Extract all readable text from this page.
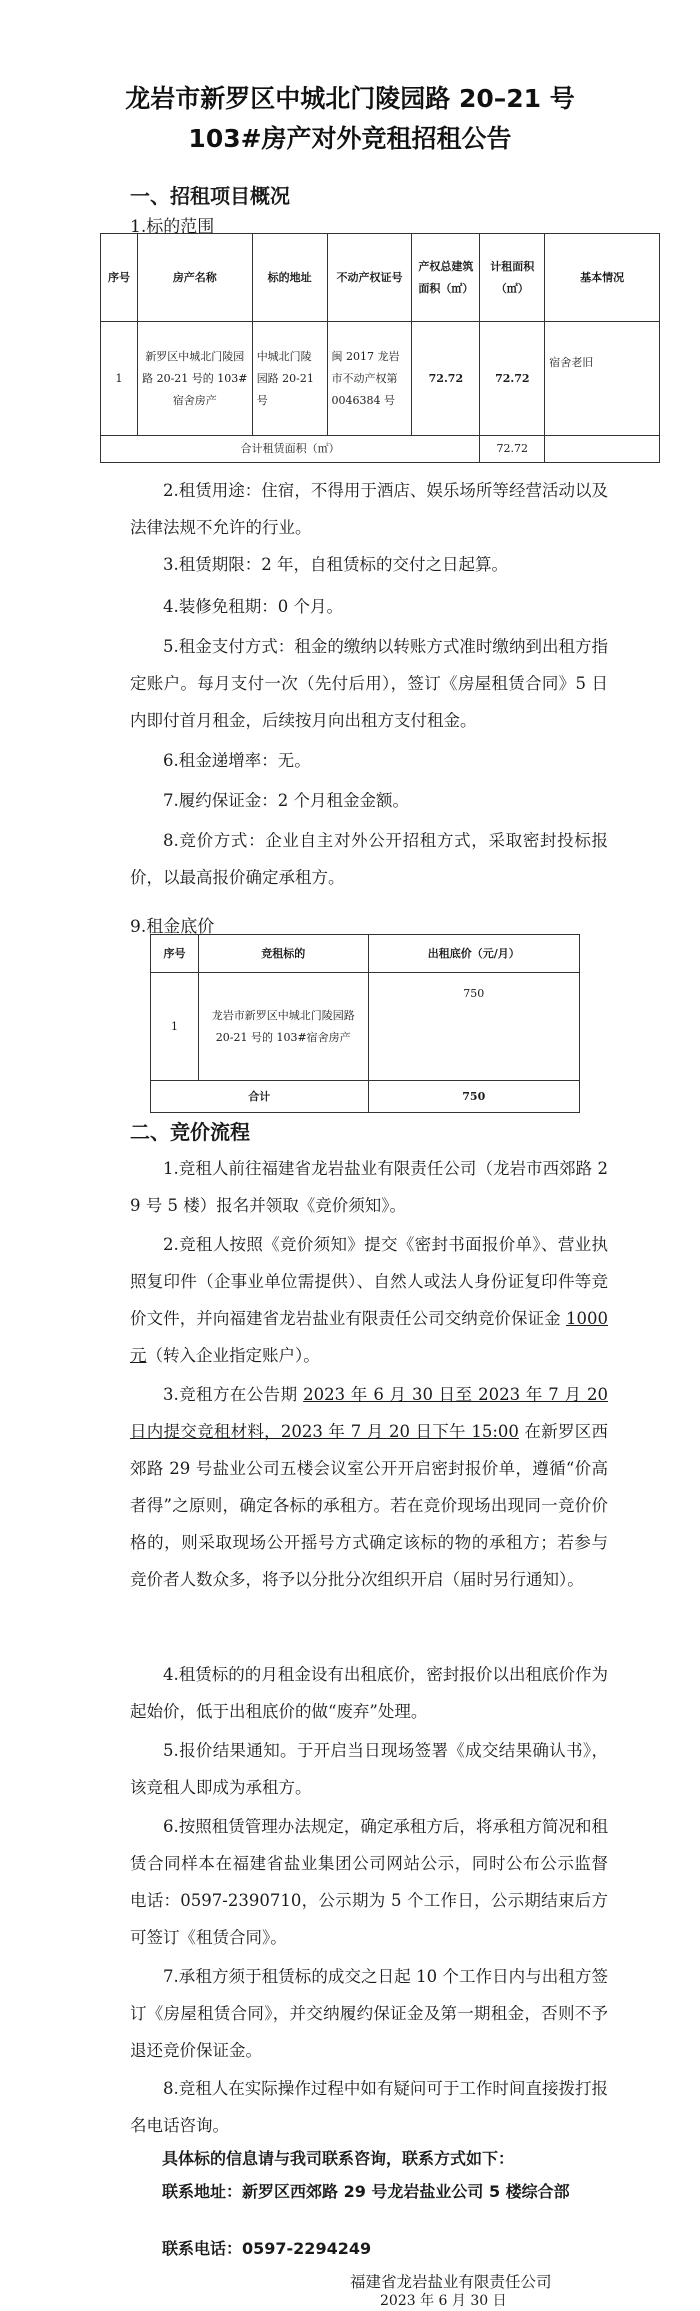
龙岩市新罗区中城北门陵园路 20–21 号
103#房产对外竞租招租公告
一、招租项目概况
1.标的范围
序号	房产名称	标的地址	不动产权证号	产权总建筑面积（㎡）	计租面积（㎡）	基本情况
1	新罗区中城北门陵园路 20-21 号的 103#宿舍房产	中城北门陵园路 20-21 号	闽 2017 龙岩市不动产权第 0046384 号	72.72	72.72	宿舍老旧
合计租赁面积（㎡）					72.72	

2.租赁用途：住宿，不得用于酒店、娱乐场所等经营活动以及法律法规不允许的行业。

3.租赁期限：2 年，自租赁标的交付之日起算。

4.装修免租期：0 个月。

5.租金支付方式：租金的缴纳以转账方式准时缴纳到出租方指定账户。每月支付一次（先付后用），签订《房屋租赁合同》5 日内即付首月租金，后续按月向出租方支付租金。

6.租金递增率：无。

7.履约保证金：2 个月租金金额。

8.竞价方式：企业自主对外公开招租方式，采取密封投标报价，以最高报价确定承租方。

9.租金底价
序号	竞租标的	出租底价（元/月）
1	龙岩市新罗区中城北门陵园路 20-21 号的 103#宿舍房产	750
合计		750
二、竞价流程

1.竞租人前往福建省龙岩盐业有限责任公司（龙岩市西郊路 29 号 5 楼）报名并领取《竞价须知》。

2.竞租人按照《竞价须知》提交《密封书面报价单》、营业执照复印件（企事业单位需提供）、自然人或法人身份证复印件等竞价文件，并向福建省龙岩盐业有限责任公司交纳竞价保证金 1000 元（转入企业指定账户）。

3.竞租方在公告期 2023 年 6 月 30 日至 2023 年 7 月 20 日内提交竞租材料，2023 年 7 月 20 日下午 15:00 在新罗区西郊路 29 号盐业公司五楼会议室公开开启密封报价单，遵循“价高者得”之原则，确定各标的承租方。若在竞价现场出现同一竞价价格的，则采取现场公开摇号方式确定该标的物的承租方；若参与竞价者人数众多，将予以分批分次组织开启（届时另行通知）。

4.租赁标的的月租金设有出租底价，密封报价以出租底价作为起始价，低于出租底价的做“废弃”处理。

5.报价结果通知。于开启当日现场签署《成交结果确认书》，该竞租人即成为承租方。

6.按照租赁管理办法规定，确定承租方后，将承租方简况和租赁合同样本在福建省盐业集团公司网站公示，同时公布公示监督电话：0597-2390710，公示期为 5 个工作日，公示期结束后方可签订《租赁合同》。

7.承租方须于租赁标的成交之日起 10 个工作日内与出租方签订《房屋租赁合同》，并交纳履约保证金及第一期租金，否则不予退还竞价保证金。

8.竞租人在实际操作过程中如有疑问可于工作时间直接拨打报名电话咨询。

具体标的信息请与我司联系咨询，联系方式如下：

联系地址：新罗区西郊路 29 号龙岩盐业公司 5 楼综合部

联系电话：0597-2294249

福建省龙岩盐业有限责任公司
2023 年 6 月 30 日
